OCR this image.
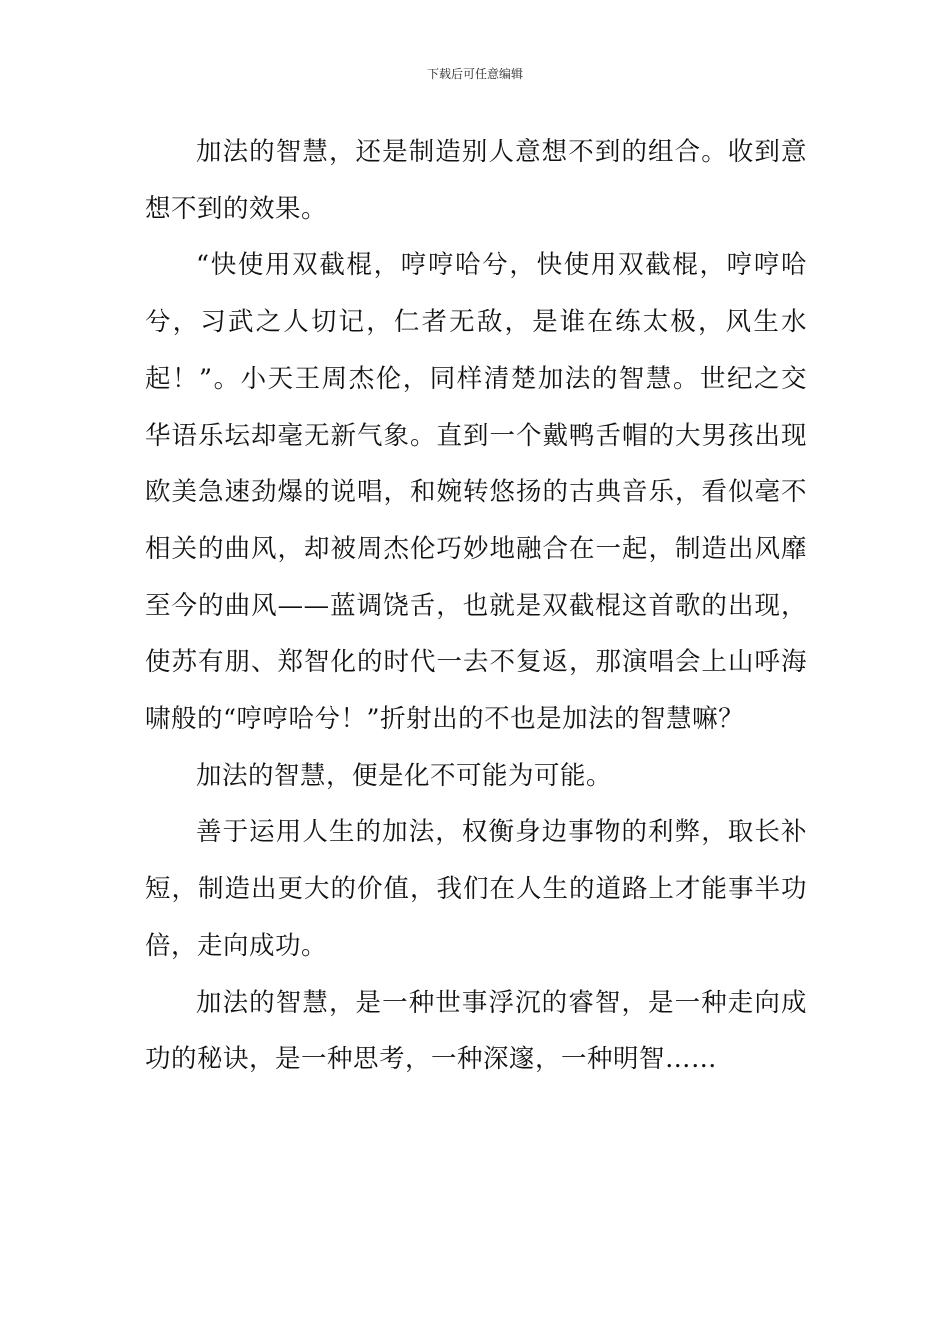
下载后可任意编辑

加法的智慧，还是制造别人意想不到的组合。收到意想不到的效果。

“快使用双截棍，哼哼哈兮，快使用双截棍，哼哼哈兮，习武之人切记，仁者无敌，是谁在练太极，风生水起！”。小天王周杰伦，同样清楚加法的智慧。世纪之交华语乐坛却毫无新气象。直到一个戴鸭舌帽的大男孩出现欧美急速劲爆的说唱，和婉转悠扬的古典音乐，看似毫不相关的曲风，却被周杰伦巧妙地融合在一起，制造出风靡至今的曲风——蓝调饶舌，也就是双截棍这首歌的出现，使苏有朋、郑智化的时代一去不复返，那演唱会上山呼海啸般的“哼哼哈兮！”折射出的不也是加法的智慧嘛？

加法的智慧，便是化不可能为可能。

善于运用人生的加法，权衡身边事物的利弊，取长补短，制造出更大的价值，我们在人生的道路上才能事半功倍，走向成功。

加法的智慧，是一种世事浮沉的睿智，是一种走向成功的秘诀，是一种思考，一种深邃，一种明智……
